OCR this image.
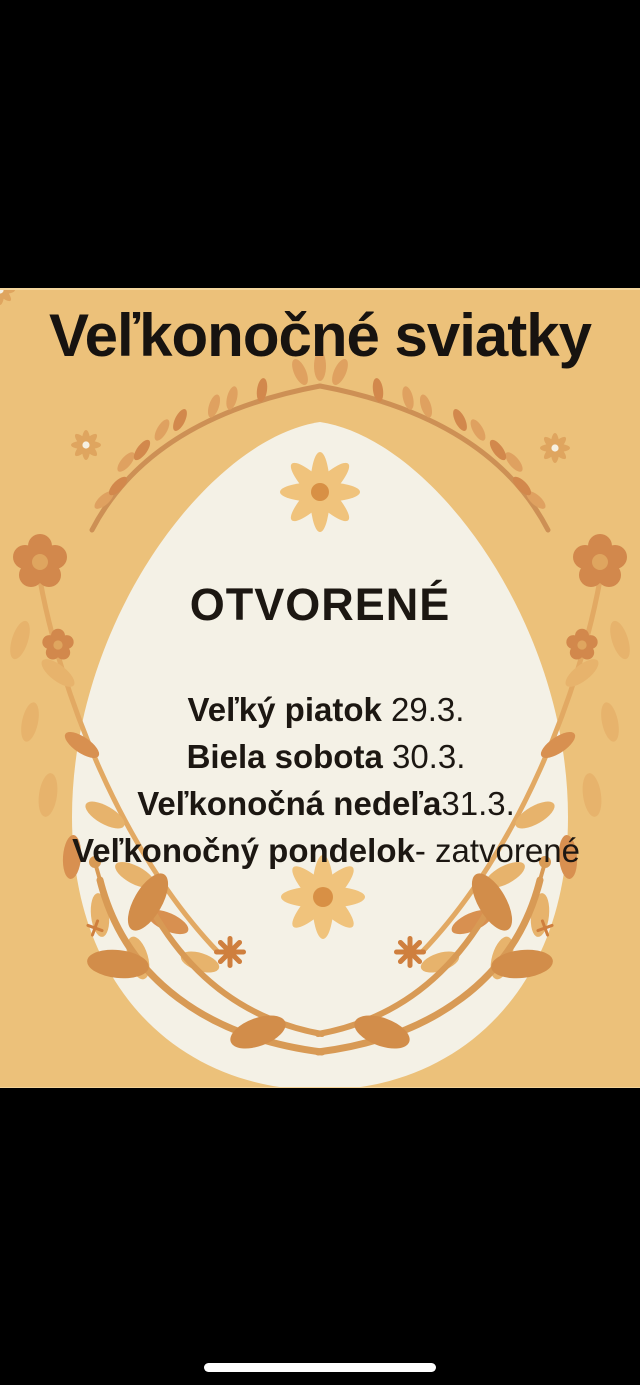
Veľkonočné sviatky
OTVORENÉ
Veľký piatok 29.3.
Biela sobota 30.3.
Veľkonočná nedeľa31.3.
Veľkonočný pondelok- zatvorené
